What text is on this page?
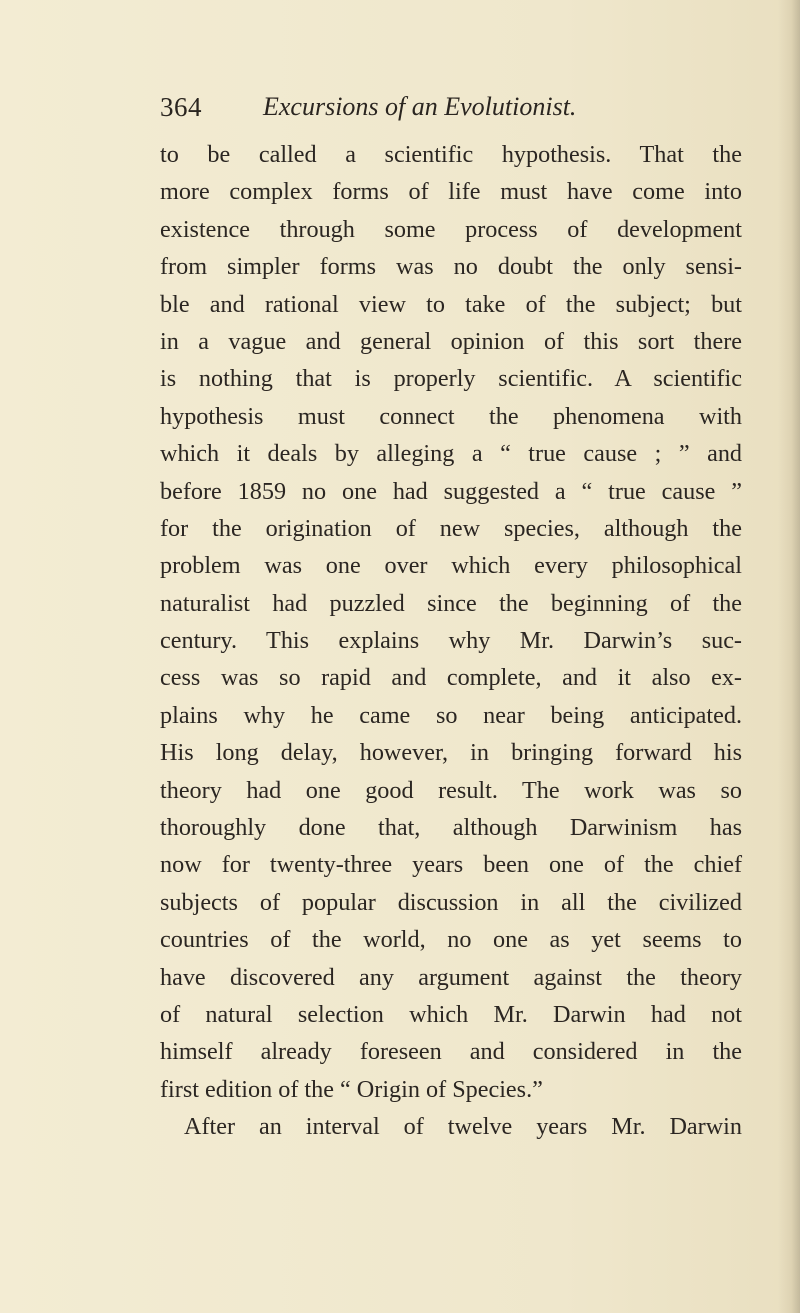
364 Excursions of an Evolutionist.
to be called a scientific hypothesis. That the
more complex forms of life must have come into
existence through some process of development
from simpler forms was no doubt the only sensi-
ble and rational view to take of the subject; but
in a vague and general opinion of this sort there
is nothing that is properly scientific. A scientific
hypothesis must connect the phenomena with
which it deals by alleging a “ true cause ; ” and
before 1859 no one had suggested a “ true cause ”
for the origination of new species, although the
problem was one over which every philosophical
naturalist had puzzled since the beginning of the
century. This explains why Mr. Darwin’s suc-
cess was so rapid and complete, and it also ex-
plains why he came so near being anticipated.
His long delay, however, in bringing forward his
theory had one good result. The work was so
thoroughly done that, although Darwinism has
now for twenty-three years been one of the chief
subjects of popular discussion in all the civilized
countries of the world, no one as yet seems to
have discovered any argument against the theory
of natural selection which Mr. Darwin had not
himself already foreseen and considered in the
first edition of the “ Origin of Species.”
After an interval of twelve years Mr. Darwin
